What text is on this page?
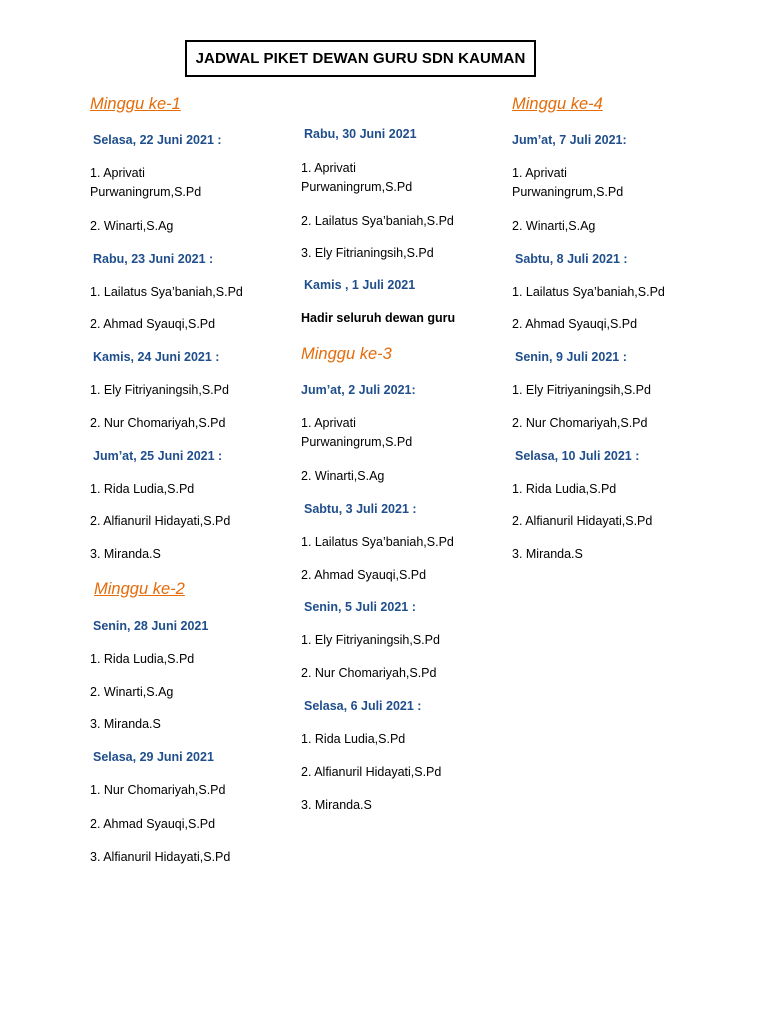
JADWAL PIKET DEWAN GURU SDN KAUMAN
Minggu ke-1
Selasa, 22 Juni 2021 :
1. Aprivati Purwaningrum,S.Pd
2. Winarti,S.Ag
Rabu, 23 Juni 2021 :
1. Lailatus Sya’baniah,S.Pd
2. Ahmad Syauqi,S.Pd
Kamis, 24 Juni 2021 :
1. Ely Fitriyaningsih,S.Pd
2. Nur Chomariyah,S.Pd
Jum’at, 25 Juni 2021 :
1. Rida Ludia,S.Pd
2. Alfianuril Hidayati,S.Pd
3. Miranda.S
Minggu ke-2
Senin, 28 Juni 2021
1. Rida Ludia,S.Pd
2. Winarti,S.Ag
3. Miranda.S
Selasa, 29 Juni 2021
1. Nur Chomariyah,S.Pd
2. Ahmad Syauqi,S.Pd
3. Alfianuril Hidayati,S.Pd
Rabu, 30 Juni 2021
1. Aprivati Purwaningrum,S.Pd
2. Lailatus Sya’baniah,S.Pd
3. Ely Fitrianingsih,S.Pd
Kamis , 1 Juli 2021
Hadir seluruh dewan guru
Minggu ke-3
Jum’at, 2 Juli 2021:
1. Aprivati Purwaningrum,S.Pd
2. Winarti,S.Ag
Sabtu, 3 Juli 2021 :
1. Lailatus Sya’baniah,S.Pd
2. Ahmad Syauqi,S.Pd
Senin, 5 Juli 2021 :
1. Ely Fitriyaningsih,S.Pd
2. Nur Chomariyah,S.Pd
Selasa, 6 Juli 2021 :
1. Rida Ludia,S.Pd
2. Alfianuril Hidayati,S.Pd
3. Miranda.S
Minggu ke-4
Jum’at, 7 Juli 2021:
1. Aprivati Purwaningrum,S.Pd
2. Winarti,S.Ag
Sabtu, 8 Juli 2021 :
1. Lailatus Sya’baniah,S.Pd
2. Ahmad Syauqi,S.Pd
Senin, 9 Juli 2021 :
1. Ely Fitriyaningsih,S.Pd
2. Nur Chomariyah,S.Pd
Selasa, 10 Juli 2021 :
1. Rida Ludia,S.Pd
2. Alfianuril Hidayati,S.Pd
3. Miranda.S
